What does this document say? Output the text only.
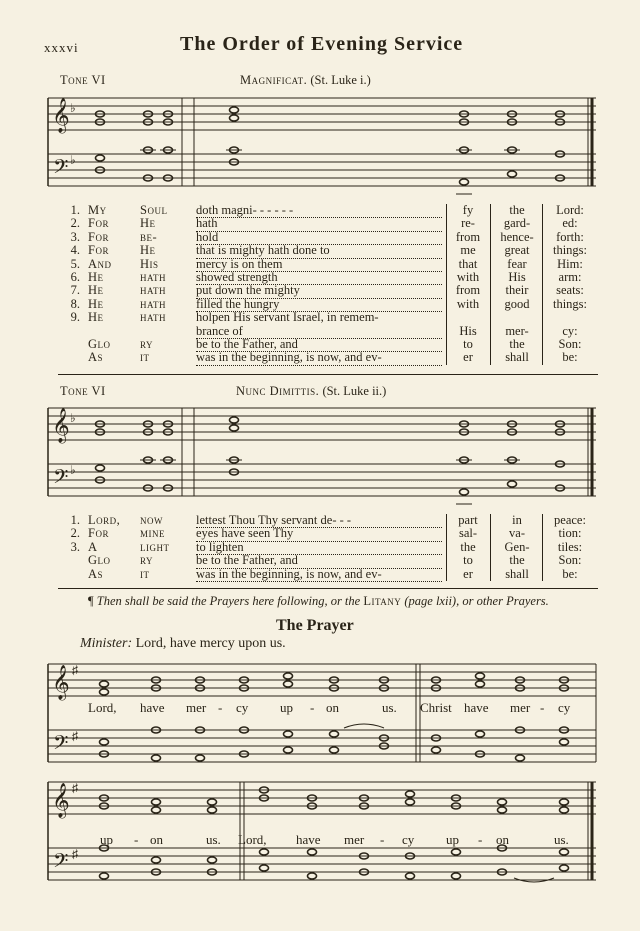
xxxvi	The Order of Evening Service
Tone VI	Magnificat. (St. Luke i.)
𝄞
𝄢
♭
♭
1. My	Soul doth magni- - - - - -	fy	the	Lord:
2. For He	hath	re-	gard-	ed:
3. For be-	hold	from	hence-	forth:
4. For He	that is mighty hath done to	me	great	things:
5. And His	mercy is on them	that	fear	Him:
6. He	hath showed strength	with	His	arm:
7. He	hath put down the mighty	from	their	seats:
8. He	hath filled the hungry	with	good	things:
9. He	hath holpen His servant Israel, in remem-
brance of	His	mer-	cy:
Glo ry	be to the Father, and	to	the	Son:
As	it	was in the beginning, is now, and ev-	er	shall	be:
Tone VI	Nunc Dimittis. (St. Luke ii.)
𝄞
𝄢
♭
♭
1. Lord, now	lettest Thou Thy servant de- - -	part	in	peace:
2. For mine eyes have seen Thy	sal-	va-	tion:
3. A	light to lighten	the	Gen-	tiles:
Glo ry	be to the Father, and	to	the	Son:
As	it	was in the beginning, is now, and ev-	er	shall	be:
¶ Then shall be said the Prayers here following, or the Litany (page lxii), or other Prayers.
The Prayer
Minister: Lord, have mercy upon us.
𝄞
𝄢
♯
♯
Lord, have mer - cy up - on	us. Christ have mer - cy
𝄞
𝄢
♯
♯
up - on	us. Lord, have mer - cy up - on	us.
